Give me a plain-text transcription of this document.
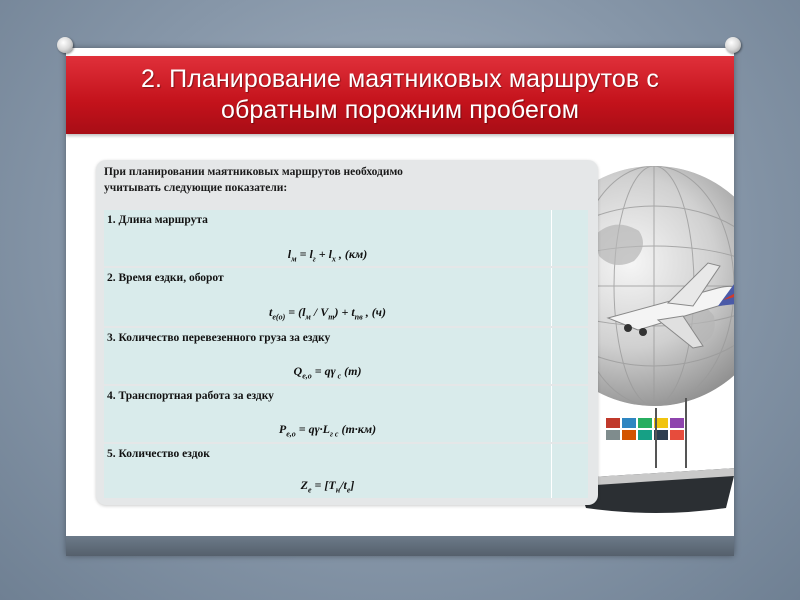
2. Планирование маятниковых маршрутов с
обратным порожним пробегом
При планировании маятниковых маршрутов необходимо
учитывать следующие показатели:
1. Длина маршрута
$l_м = l_г + l_х$ , (км)
2. Время ездки, оборот
$t_{е(о)} = (l_м / V_т) + t_{пв}$ , (ч)
3. Количество перевезенного груза за ездку
$Q_{е,о} = q\gamma$ $_с$ (т)
4. Транспортная работа за ездку
$P_{е,о} = q\gamma\cdot L_{г с}$ (т·км)
5. Количество ездок
$Z_е = [T_н/t_е]$
